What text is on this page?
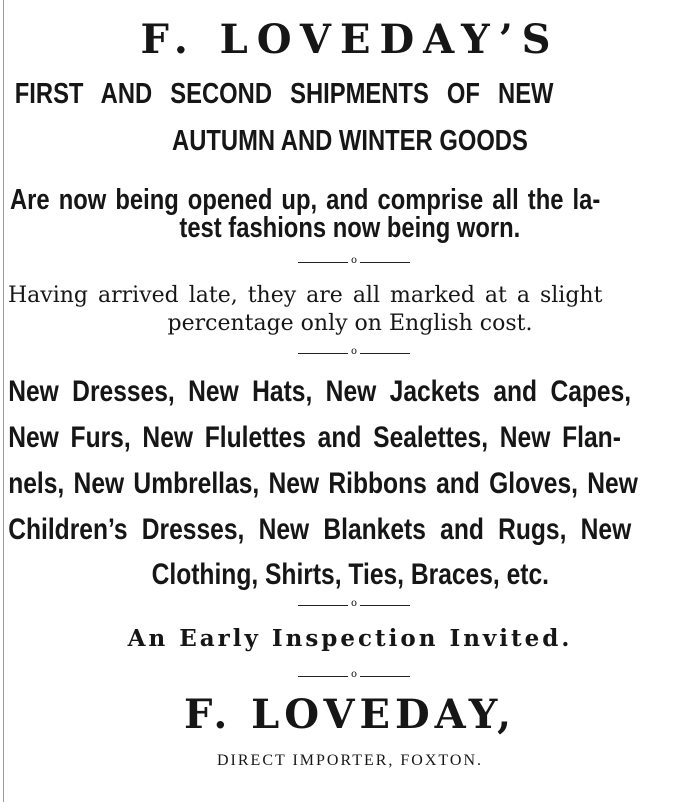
F. LOVEDAY’S
FIRST AND SECOND SHIPMENTS OF NEW
AUTUMN AND WINTER GOODS
Are now being opened up, and comprise all the la-
test fashions now being worn.
o
Having arrived late, they are all marked at a slight
percentage only on English cost.
o
New Dresses, New Hats, New Jackets and Capes,
New Furs, New Flulettes and Sealettes, New Flan-
nels, New Umbrellas, New Ribbons and Gloves, New
Children’s Dresses, New Blankets and Rugs, New
Clothing, Shirts, Ties, Braces, etc.
o
An Early Inspection Invited.
o
F. LOVEDAY,
DIRECT IMPORTER, FOXTON.
